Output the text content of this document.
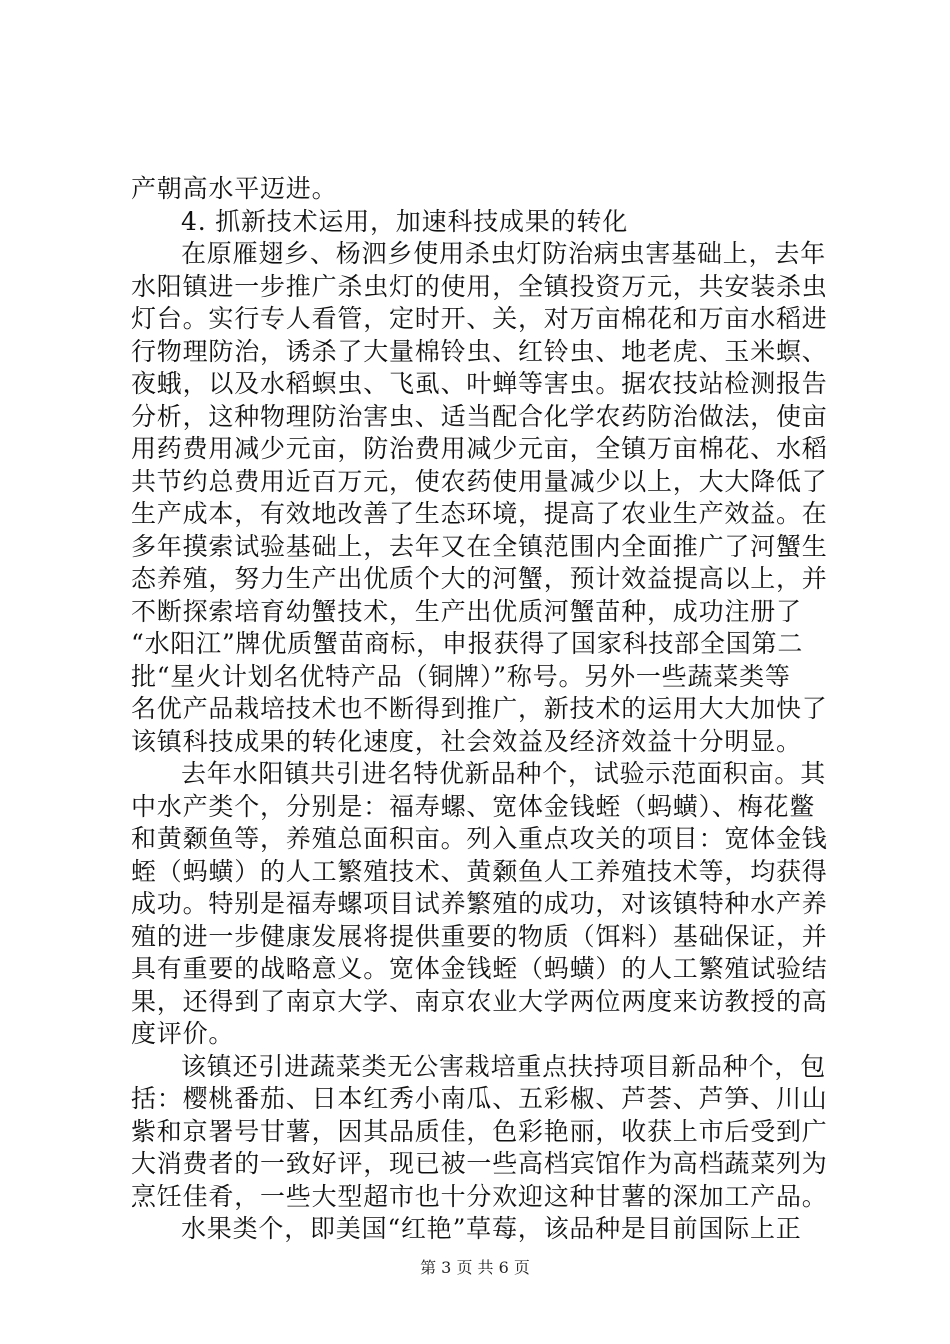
产朝高水平迈进。
4. 抓新技术运用，加速科技成果的转化
在原雁翅乡、杨泗乡使用杀虫灯防治病虫害基础上，去年
水阳镇进一步推广杀虫灯的使用，全镇投资万元，共安装杀虫
灯台。实行专人看管，定时开、关，对万亩棉花和万亩水稻进
行物理防治，诱杀了大量棉铃虫、红铃虫、地老虎、玉米螟、
夜蛾，以及水稻螟虫、飞虱、叶蝉等害虫。据农技站检测报告
分析，这种物理防治害虫、适当配合化学农药防治做法，使亩
用药费用减少元亩，防治费用减少元亩，全镇万亩棉花、水稻
共节约总费用近百万元，使农药使用量减少以上，大大降低了
生产成本，有效地改善了生态环境，提高了农业生产效益。在
多年摸索试验基础上，去年又在全镇范围内全面推广了河蟹生
态养殖，努力生产出优质个大的河蟹，预计效益提高以上，并
不断探索培育幼蟹技术，生产出优质河蟹苗种，成功注册了
“水阳江”牌优质蟹苗商标，申报获得了国家科技部全国第二
批“星火计划名优特产品（铜牌）”称号。另外一些蔬菜类等
名优产品栽培技术也不断得到推广，新技术的运用大大加快了
该镇科技成果的转化速度，社会效益及经济效益十分明显。
去年水阳镇共引进名特优新品种个，试验示范面积亩。其
中水产类个，分别是：福寿螺、宽体金钱蛭（蚂蟥）、梅花鳖
和黄颡鱼等，养殖总面积亩。列入重点攻关的项目：宽体金钱
蛭（蚂蟥）的人工繁殖技术、黄颡鱼人工养殖技术等，均获得
成功。特别是福寿螺项目试养繁殖的成功，对该镇特种水产养
殖的进一步健康发展将提供重要的物质（饵料）基础保证，并
具有重要的战略意义。宽体金钱蛭（蚂蟥）的人工繁殖试验结
果，还得到了南京大学、南京农业大学两位两度来访教授的高
度评价。
该镇还引进蔬菜类无公害栽培重点扶持项目新品种个，包
括：樱桃番茄、日本红秀小南瓜、五彩椒、芦荟、芦笋、川山
紫和京署号甘薯，因其品质佳，色彩艳丽，收获上市后受到广
大消费者的一致好评，现已被一些高档宾馆作为高档蔬菜列为
烹饪佳肴，一些大型超市也十分欢迎这种甘薯的深加工产品。
水果类个，即美国“红艳”草莓，该品种是目前国际上正
第 3 页 共 6 页
